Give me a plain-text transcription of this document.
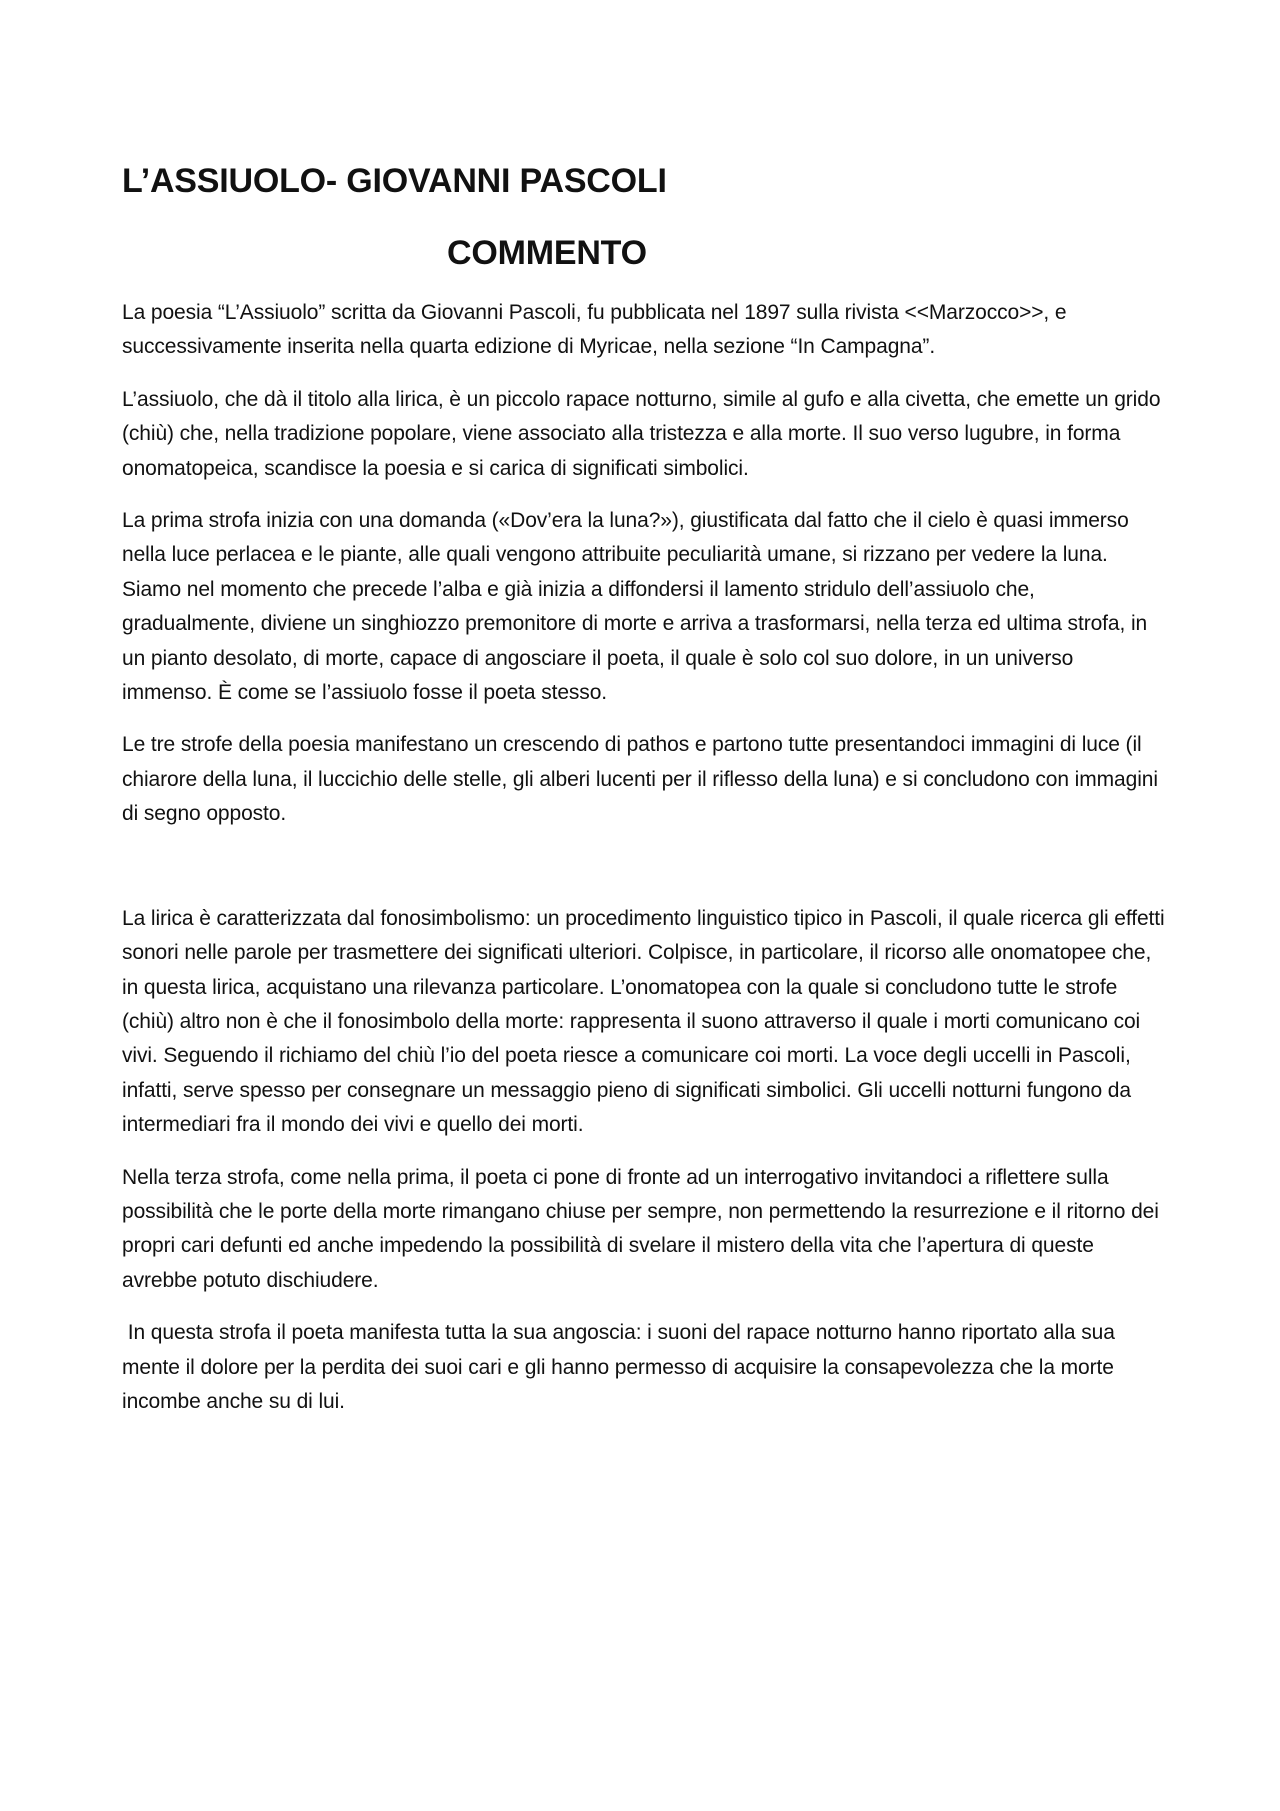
L’ASSIUOLO- GIOVANNI PASCOLI
COMMENTO

La poesia “L’Assiuolo” scritta da Giovanni Pascoli, fu pubblicata nel 1897 sulla rivista <<Marzocco>>, e successivamente inserita nella quarta edizione di Myricae, nella sezione “In Campagna”.

L’assiuolo, che dà il titolo alla lirica, è un piccolo rapace notturno, simile al gufo e alla civetta, che emette un grido (chiù) che, nella tradizione popolare, viene associato alla tristezza e alla morte. Il suo verso lugubre, in forma onomatopeica, scandisce la poesia e si carica di significati simbolici.

La prima strofa inizia con una domanda («Dov’era la luna?»), giustificata dal fatto che il cielo è quasi immerso nella luce perlacea e le piante, alle quali vengono attribuite peculiarità umane, si rizzano per vedere la luna. Siamo nel momento che precede l’alba e già inizia a diffondersi il lamento stridulo dell’assiuolo che, gradualmente, diviene un singhiozzo premonitore di morte e arriva a trasformarsi, nella terza ed ultima strofa, in un pianto desolato, di morte, capace di angosciare il poeta, il quale è solo col suo dolore, in un universo immenso. È come se l’assiuolo fosse il poeta stesso.

Le tre strofe della poesia manifestano un crescendo di pathos e partono tutte presentandoci immagini di luce (il chiarore della luna, il luccichio delle stelle, gli alberi lucenti per il riflesso della luna) e si concludono con immagini di segno opposto.

La lirica è caratterizzata dal fonosimbolismo: un procedimento linguistico tipico in Pascoli, il quale ricerca gli effetti sonori nelle parole per trasmettere dei significati ulteriori. Colpisce, in particolare, il ricorso alle onomatopee che, in questa lirica, acquistano una rilevanza particolare. L’onomatopea con la quale si concludono tutte le strofe (chiù) altro non è che il fonosimbolo della morte: rappresenta il suono attraverso il quale i morti comunicano coi vivi. Seguendo il richiamo del chiù l’io del poeta riesce a comunicare coi morti. La voce degli uccelli in Pascoli, infatti, serve spesso per consegnare un messaggio pieno di significati simbolici. Gli uccelli notturni fungono da intermediari fra il mondo dei vivi e quello dei morti.

Nella terza strofa, come nella prima, il poeta ci pone di fronte ad un interrogativo invitandoci a riflettere sulla possibilità che le porte della morte rimangano chiuse per sempre, non permettendo la resurrezione e il ritorno dei propri cari defunti ed anche impedendo la possibilità di svelare il mistero della vita che l’apertura di queste avrebbe potuto dischiudere.

In questa strofa il poeta manifesta tutta la sua angoscia: i suoni del rapace notturno hanno riportato alla sua mente il dolore per la perdita dei suoi cari e gli hanno permesso di acquisire la consapevolezza che la morte incombe anche su di lui.
